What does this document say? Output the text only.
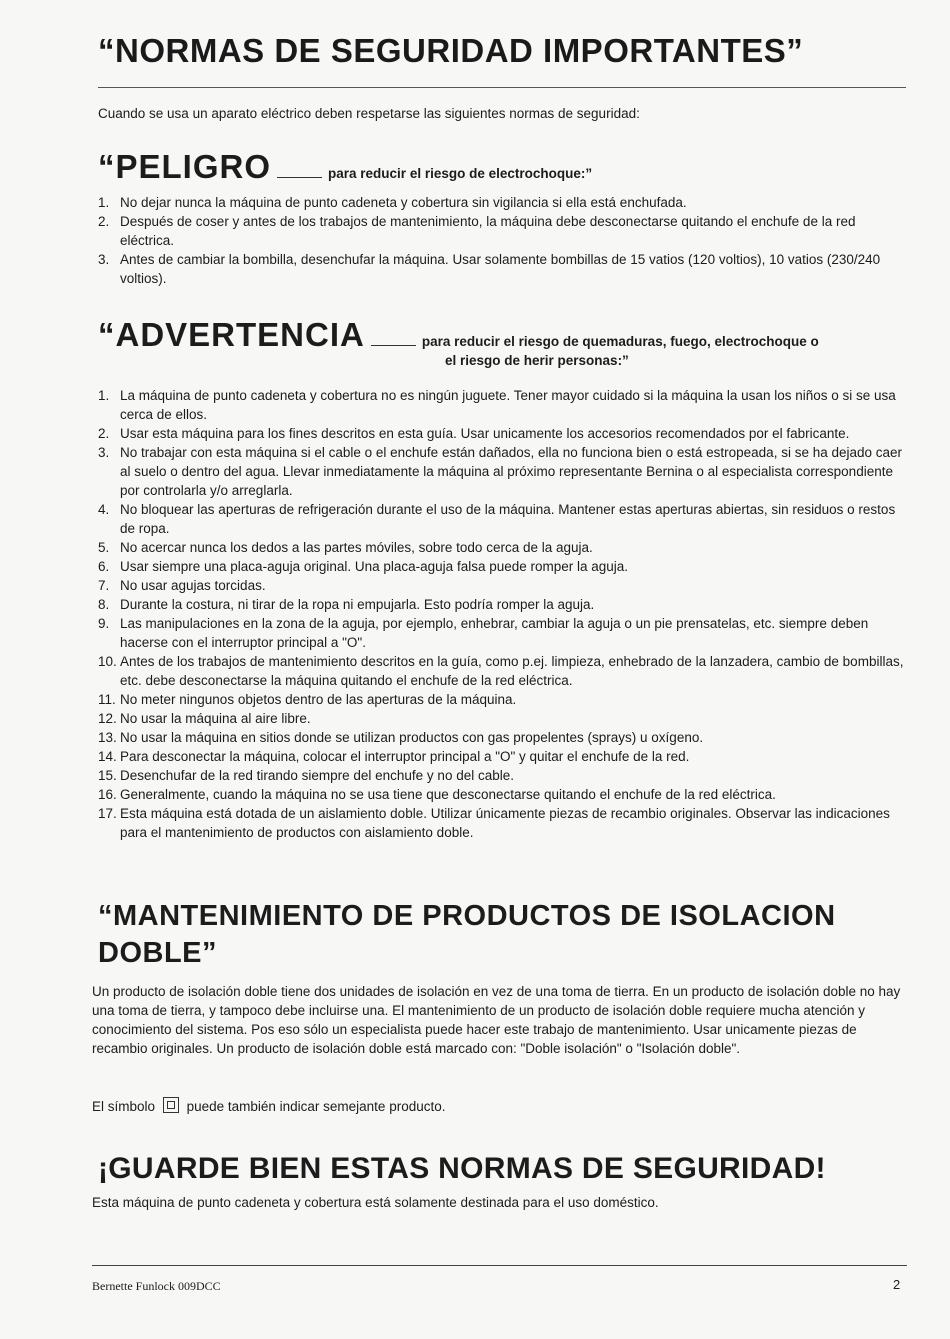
“NORMAS DE SEGURIDAD IMPORTANTES”

Cuando se usa un aparato eléctrico deben respetarse las siguientes normas de seguridad:

“PELIGRO	para reducir el riesgo de electrochoque:”
1. No dejar nunca la máquina de punto cadeneta y cobertura sin vigilancia si ella está enchufada.
2. Después de coser y antes de los trabajos de mantenimiento, la máquina debe desconectarse quitando el enchufe de la red eléctrica.
3. Antes de cambiar la bombilla, desenchufar la máquina. Usar solamente bombillas de 15 vatios (120 voltios), 10 vatios (230/240 voltios).
“ADVERTENCIA	para reducir el riesgo de quemaduras, fuego, electrochoque o
el riesgo de herir personas:”
1. La máquina de punto cadeneta y cobertura no es ningún juguete. Tener mayor cuidado si la máquina la usan los niños o si se usa cerca de ellos.
2. Usar esta máquina para los fines descritos en esta guía. Usar unicamente los accesorios recomendados por el fabricante.
3. No trabajar con esta máquina si el cable o el enchufe están dañados, ella no funciona bien o está estropeada, si se ha dejado caer al suelo o dentro del agua. Llevar inmediatamente la máquina al próximo representante Bernina o al especialista correspondiente por controlarla y/o arreglarla.
4. No bloquear las aperturas de refrigeración durante el uso de la máquina. Mantener estas aperturas abiertas, sin residuos o restos de ropa.
5. No acercar nunca los dedos a las partes móviles, sobre todo cerca de la aguja.
6. Usar siempre una placa-aguja original. Una placa-aguja falsa puede romper la aguja.
7. No usar agujas torcidas.
8. Durante la costura, ni tirar de la ropa ni empujarla. Esto podría romper la aguja.
9. Las manipulaciones en la zona de la aguja, por ejemplo, enhebrar, cambiar la aguja o un pie prensatelas, etc. siempre deben hacerse con el interruptor principal a "O".
10. Antes de los trabajos de mantenimiento descritos en la guía, como p.ej. limpieza, enhebrado de la lanzadera, cambio de bombillas, etc. debe desconectarse la máquina quitando el enchufe de la red eléctrica.
11. No meter ningunos objetos dentro de las aperturas de la máquina.
12. No usar la máquina al aire libre.
13. No usar la máquina en sitios donde se utilizan productos con gas propelentes (sprays) u oxígeno.
14. Para desconectar la máquina, colocar el interruptor principal a "O" y quitar el enchufe de la red.
15. Desenchufar de la red tirando siempre del enchufe y no del cable.
16. Generalmente, cuando la máquina no se usa tiene que desconectarse quitando el enchufe de la red eléctrica.
17. Esta máquina está dotada de un aislamiento doble. Utilizar únicamente piezas de recambio originales. Observar las indicaciones para el mantenimiento de productos con aislamiento doble.
“MANTENIMIENTO DE PRODUCTOS DE ISOLACION DOBLE”

Un producto de isolación doble tiene dos unidades de isolación en vez de una toma de tierra. En un producto de isolación doble no hay una toma de tierra, y tampoco debe incluirse una. El mantenimiento de un producto de isolación doble requiere mucha atención y conocimiento del sistema. Pos eso sólo un especialista puede hacer este trabajo de mantenimiento. Usar unicamente piezas de recambio originales. Un producto de isolación doble está marcado con: "Doble isolación" o "Isolación doble".

El símbolo puede también indicar semejante producto.

¡GUARDE BIEN ESTAS NORMAS DE SEGURIDAD!

Esta máquina de punto cadeneta y cobertura está solamente destinada para el uso doméstico.

Bernette Funlock 009DCC	2
